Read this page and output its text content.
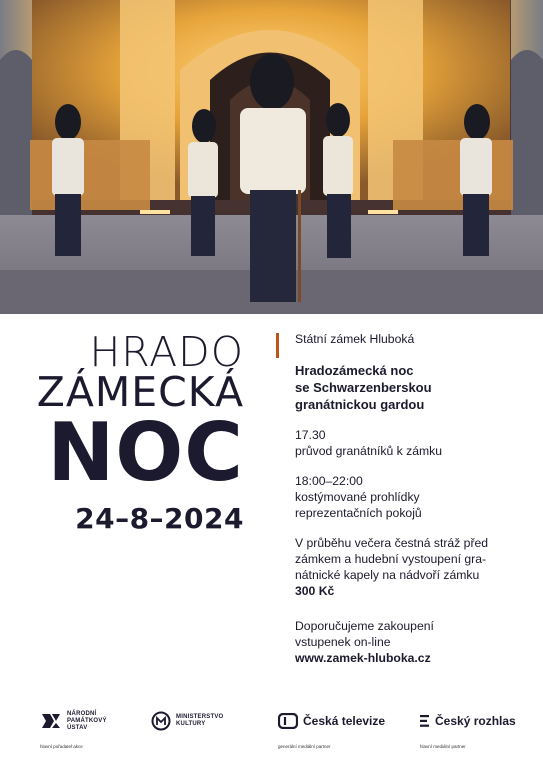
HRADO
ZÁMECKÁ
NOC
24–8–2024

Státní zámek Hluboká

Hradozámecká noc

se Schwarzenberskou

granátnickou gardou

17.30

průvod granátníků k zámku

18:00–22:00

kostýmované prohlídky

reprezentačních pokojů

V průběhu večera čestná stráž před

zámkem a hudební vystoupení gra-

nátnické kapely na nádvoří zámku

300 Kč

Doporučujeme zakoupení

vstupenek on-line

www.zamek-hluboka.cz

NÁRODNÍ
PAMÁTKOVÝ
ÚSTAV
hlavní pořadatel akce
MINISTERSTVO
KULTURY	Česká televize
generální mediální partner
Český rozhlas
hlavní mediální partner
